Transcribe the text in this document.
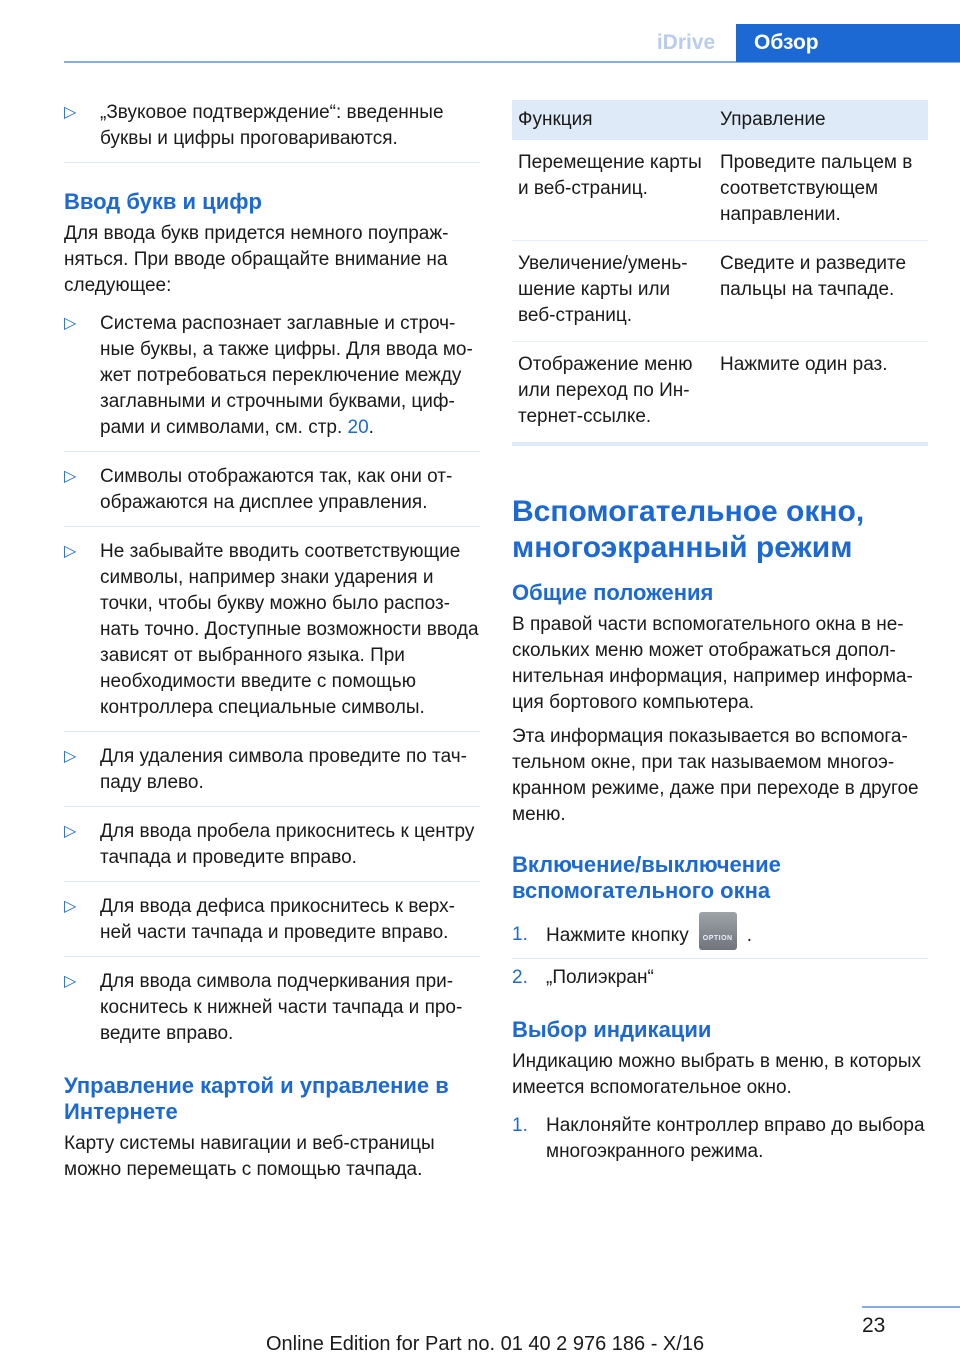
iDrive	Обзор
▷ „Звуковое подтверждение“: введенные буквы и цифры проговариваются.
Ввод букв и цифр

Для ввода букв придется немного поупражняться. При вводе обращайте внимание на следующее:

▷ Система распознает заглавные и строчные буквы, а также цифры. Для ввода может потребоваться переключение между заглавными и строчными буквами, цифрами и символами, см. стр. 20.
▷ Символы отображаются так, как они отображаются на дисплее управления.
▷ Не забывайте вводить соответствующие символы, например знаки ударения и точки, чтобы букву можно было распознать точно. Доступные возможности ввода зависят от выбранного языка. При необходимости введите с помощью контроллера специальные символы.
▷ Для удаления символа проведите по тачпаду влево.
▷ Для ввода пробела прикоснитесь к центру тачпада и проведите вправо.
▷ Для ввода дефиса прикоснитесь к верхней части тачпада и проведите вправо.
▷ Для ввода символа подчеркивания прикоснитесь к нижней части тачпада и проведите вправо.
Управление картой и управление в Интернете

Карту системы навигации и веб-страницы можно перемещать с помощью тачпада.

Функция	Управление
Перемещение карты и веб-страниц.	Проведите пальцем в соответствующем направлении.
Увеличение/уменьшение карты или веб-страниц.	Сведите и разведите пальцы на тачпаде.
Отображение меню или переход по Интернет-ссылке.	Нажмите один раз.
Вспомогательное окно, многоэкранный режим
Общие положения

В правой части вспомогательного окна в нескольких меню может отображаться дополнительная информация, например информация бортового компьютера.

Эта информация показывается во вспомогательном окне, при так называемом многоэкранном режиме, даже при переходе в другое меню.

Включение/выключение вспомогательного окна
1. Нажмите кнопку	OPTION .
2. „Полиэкран“
Выбор индикации

Индикацию можно выбрать в меню, в которых имеется вспомогательное окно.

1. Наклоняйте контроллер вправо до выбора многоэкранного режима.
23
Online Edition for Part no. 01 40 2 976 186 - X/16
